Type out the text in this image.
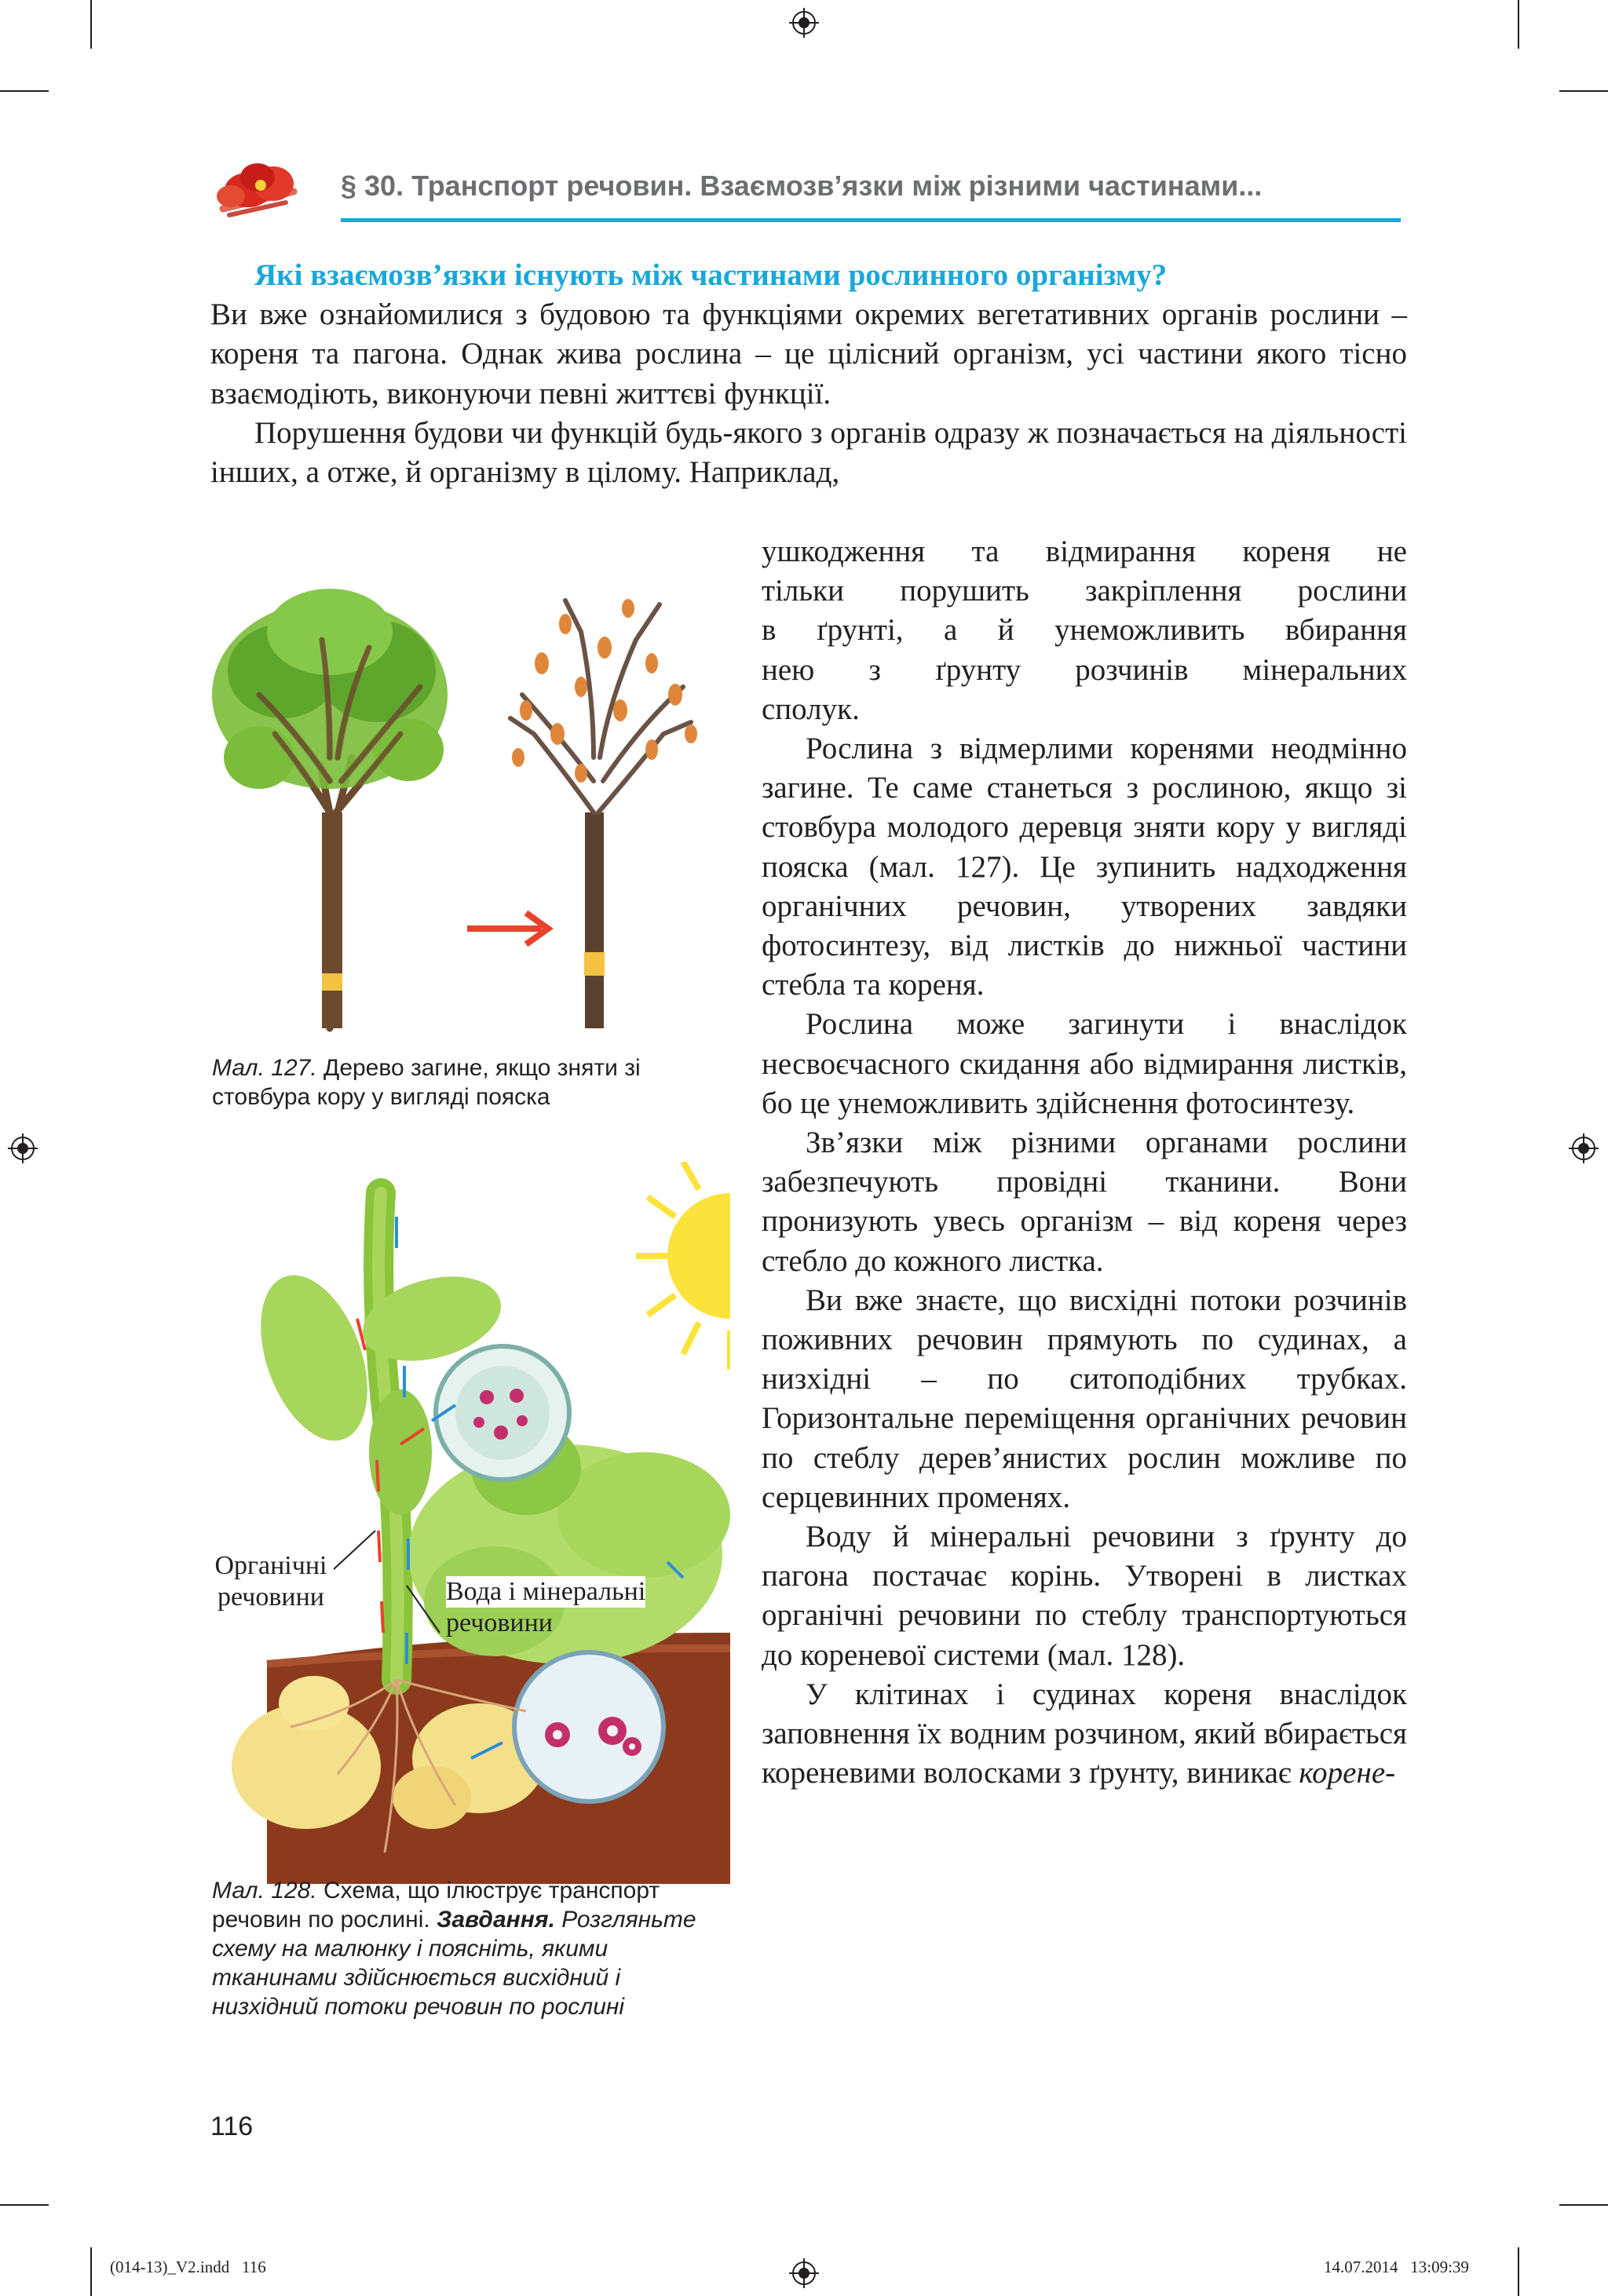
§ 30. Транспорт речовин. Взаємозв’язки між різними частинами...

Які взаємозв’язки існують між частинами рослинного організму?

Ви вже ознайомилися з будовою та функціями окремих вегетативних органів рослини – кореня та пагона. Однак жива рослина – це цілісний організм, усі частини якого тісно взаємодіють, виконуючи певні життєві функції.

Порушення будови чи функцій будь-якого з органів одразу ж позначається на діяльності інших, а отже, й організму в цілому. Наприклад,

ушкодження та відмирання кореня не

тільки порушить закріплення рослини

в ґрунті, а й унеможливить вбирання

нею з ґрунту розчинів мінеральних

сполук.

Рослина з відмерлими коренями неодмінно загине. Те саме станеться з рослиною, якщо зі стовбура молодого деревця зняти кору у вигляді пояска (мал. 127). Це зупинить надходження органічних речовин, утворених завдяки фотосинтезу, від листків до нижньої частини стебла та кореня.

Рослина може загинути і внаслідок несвоєчасного скидання або відмирання листків, бо це унеможливить здійснення фотосинтезу.

Зв’язки між різними органами рослини забезпечують провідні тканини. Вони пронизують увесь організм – від кореня через стебло до кожного листка.

Ви вже знаєте, що висхідні потоки розчинів поживних речовин прямують по судинах, а низхідні – по ситоподібних трубках. Горизонтальне переміщення органічних речовин по стеблу дерев’янистих рослин можливе по серцевинних променях.

Воду й мінеральні речовини з ґрунту до пагона постачає корінь. Утворені в листках органічні речовини по стеблу транспортуються до кореневої системи (мал. 128).

У клітинах і судинах кореня внаслідок заповнення їх водним розчином, який вбирається кореневими волосками з ґрунту, виникає корене-

Мал. 127. Дерево загине, якщо зняти зі стовбура кору у вигляді пояска
Органічні
речовини	Вода і мінеральні
речовини
Мал. 128. Схема, що ілюструє транспорт речовин по рослині. Завдання. Розгляньте схему на малюнку і поясніть, якими тканинами здійснюється висхідний і низхідний потоки речовин по рослині
116
(014-13)_V2.indd   116	14.07.2014   13:09:39
